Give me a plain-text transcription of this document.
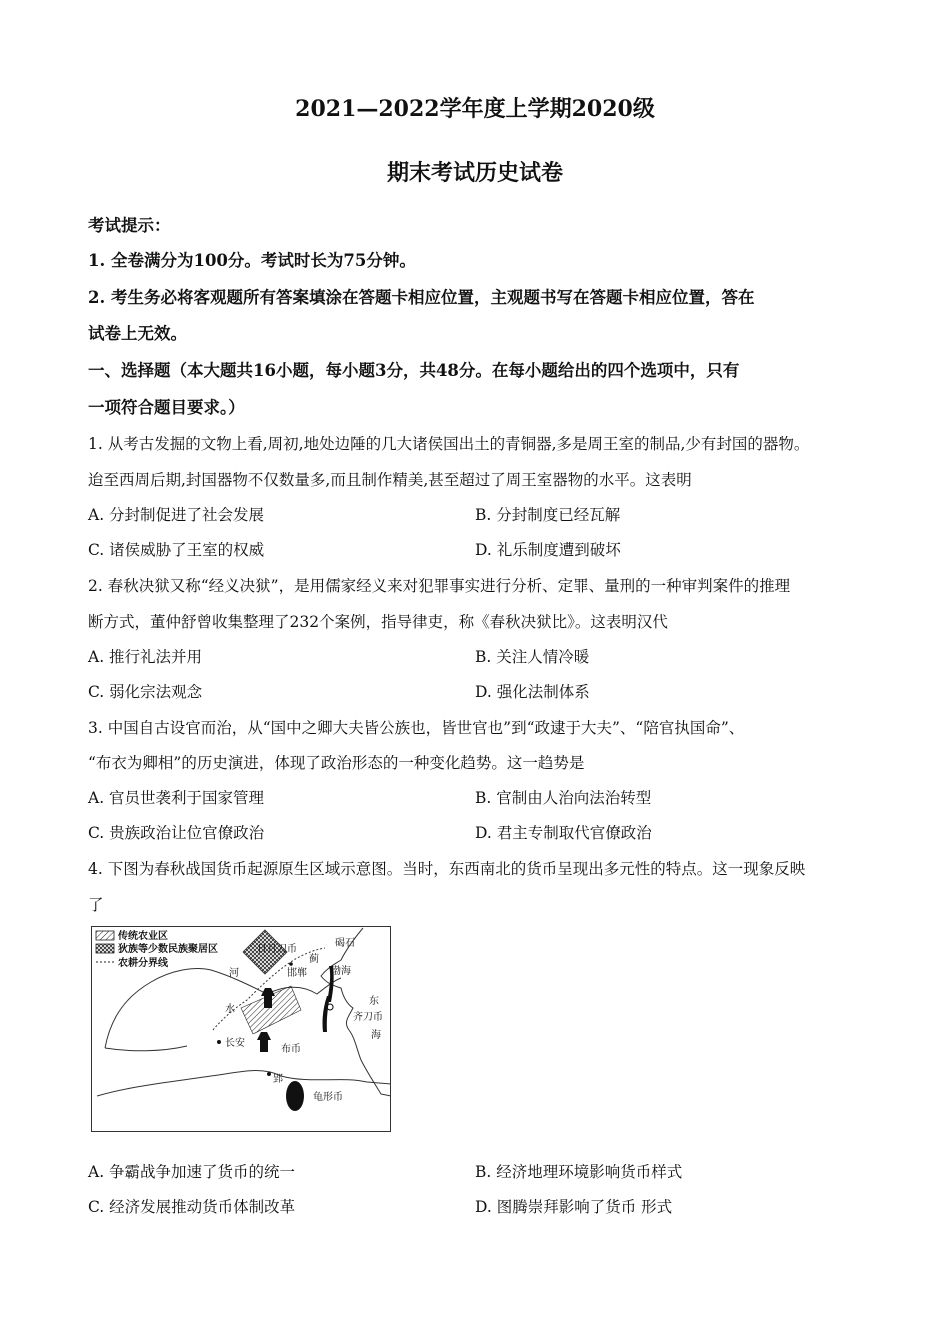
2021—2022学年度上学期2020级
期末考试历史试卷
考试提示：
1. 全卷满分为100分。考试时长为75分钟。
2. 考生务必将客观题所有答案填涂在答题卡相应位置，主观题书写在答题卡相应位置，答在
试卷上无效。
一、选择题（本大题共16小题，每小题3分，共48分。在每小题给出的四个选项中，只有
一项符合题目要求。）
1. 从考古发掘的文物上看,周初,地处边陲的几大诸侯国出土的青铜器,多是周王室的制品,少有封国的器物。
迨至西周后期,封国器物不仅数量多,而且制作精美,甚至超过了周王室器物的水平。这表明
A. 分封制促进了社会发展	B. 分封制度已经瓦解
C. 诸侯威胁了王室的权威	D. 礼乐制度遭到破坏
2. 春秋决狱又称“经义决狱”，是用儒家经义来对犯罪事实进行分析、定罪、量刑的一种审判案件的推理
断方式，董仲舒曾收集整理了232个案例，指导律吏，称《春秋决狱比》。这表明汉代
A. 推行礼法并用	B. 关注人情冷暖
C. 弱化宗法观念	D. 强化法制体系
3. 中国自古设官而治，从“国中之卿大夫皆公族也，皆世官也”到“政逮于大夫”、“陪官执国命”、
“布衣为卿相”的历史演进，体现了政治形态的一种变化趋势。这一趋势是
A. 官员世袭利于国家管理	B. 官制由人治向法治转型
C. 贵族政治让位官僚政治	D. 君主专制取代官僚政治
4. 下图为春秋战国货币起源原生区域示意图。当时，东西南北的货币呈现出多元性的特点。这一现象反映
了
传统农业区
狄族等少数民族聚居区
农耕分界线
日月刀币
碣石
蓟
邯郸 渤海
河
水
东
齐刀币
海
长安
布币
郢
龟形币
A. 争霸战争加速了货币的统一	B. 经济地理环境影响货币样式
C. 经济发展推动货币体制改革	D. 图腾崇拜影响了货币 形式
